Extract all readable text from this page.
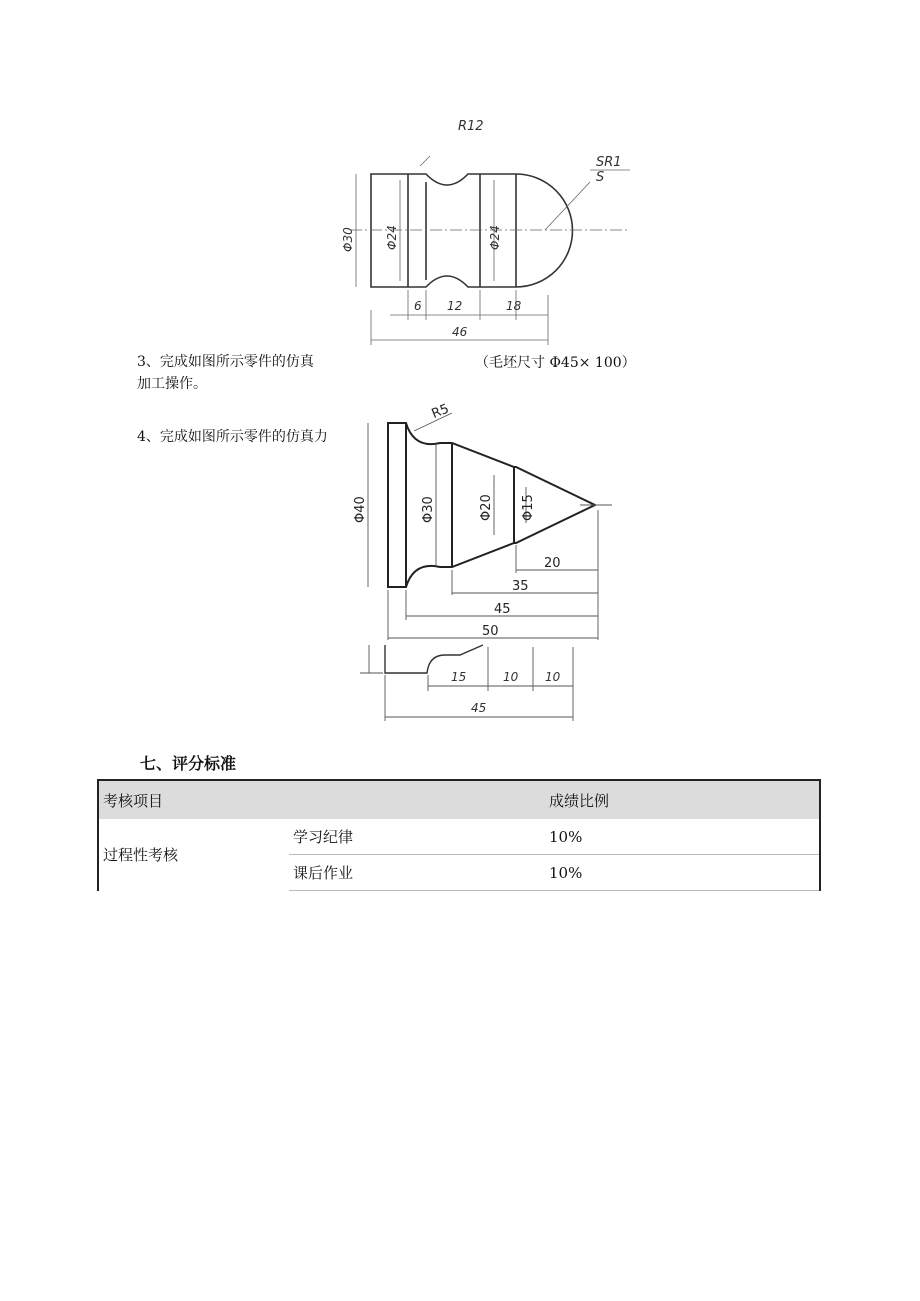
R12
SR1
S
Φ30	Φ24	Φ24
6 12	18
46
3、完成如图所示零件的仿真	（毛坯尺寸 Φ45× 100）
加工操作。
4、完成如图所示零件的仿真力
R5
Φ40	Φ30	Φ20 Φ15
20
35
45
50
15	10 10
45
七、评分标准
考核项目		成绩比例
过程性考核	学习纪律	10%
	课后作业	10%
